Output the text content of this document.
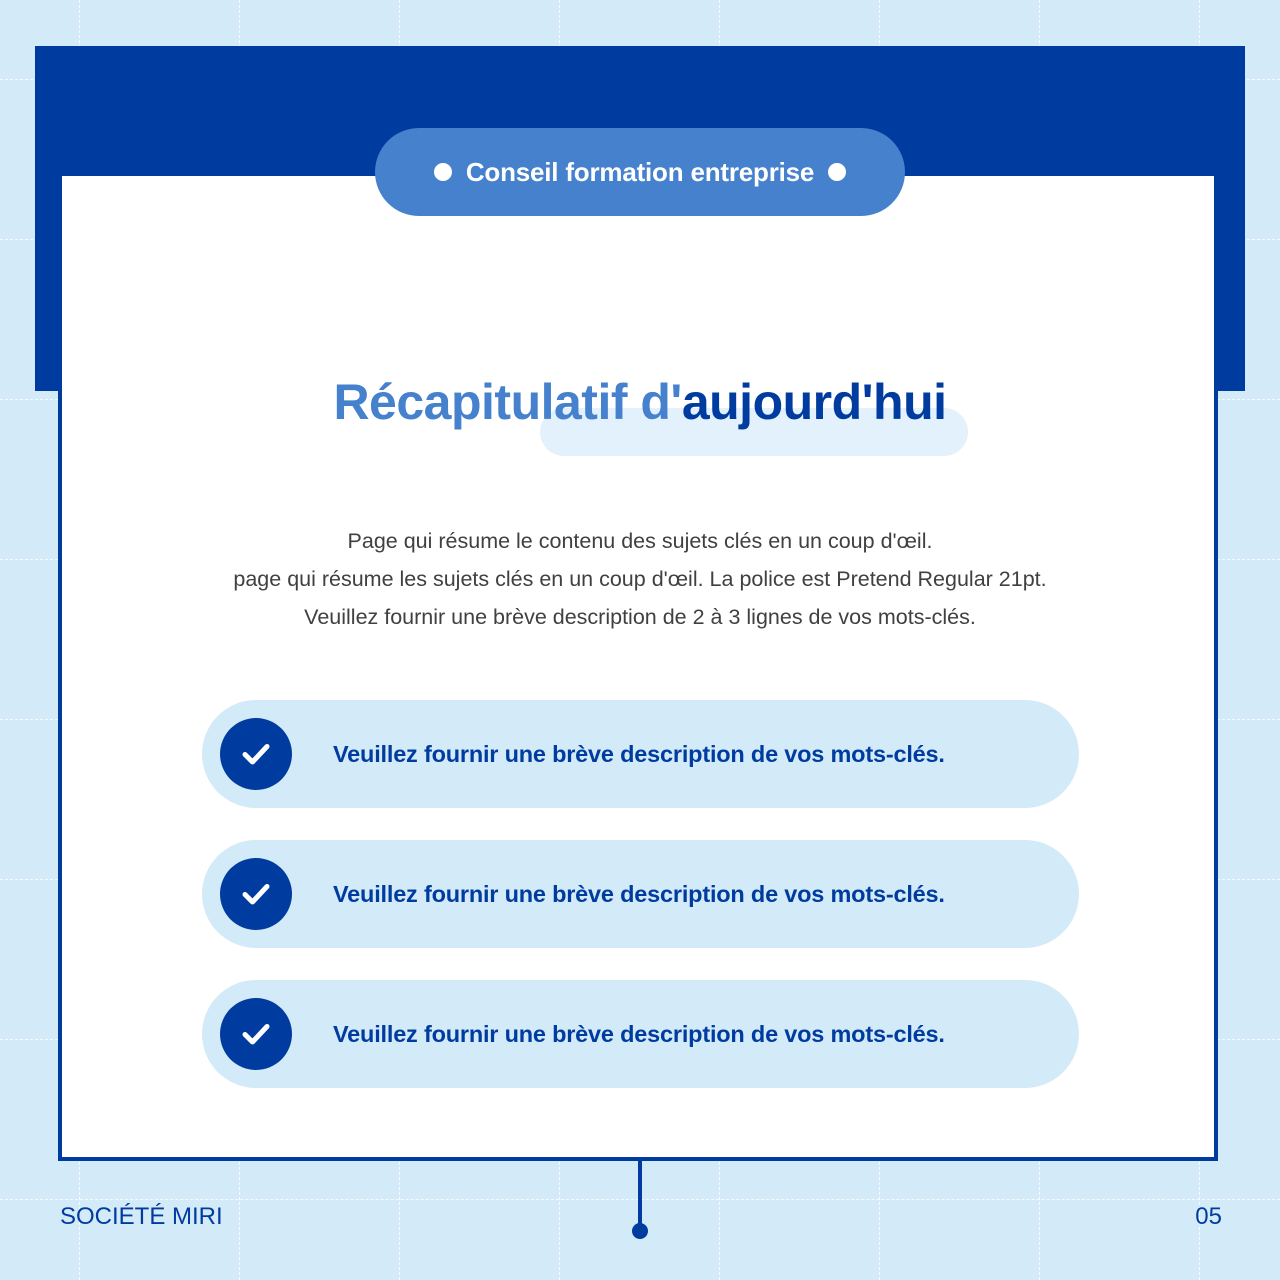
Conseil formation entreprise
Récapitulatif d'aujourd'hui
Page qui résume le contenu des sujets clés en un coup d'œil.
page qui résume les sujets clés en un coup d'œil. La police est Pretend Regular 21pt.
Veuillez fournir une brève description de 2 à 3 lignes de vos mots-clés.
Veuillez fournir une brève description de vos mots-clés.
Veuillez fournir une brève description de vos mots-clés.
Veuillez fournir une brève description de vos mots-clés.
SOCIÉTÉ MIRI	05
